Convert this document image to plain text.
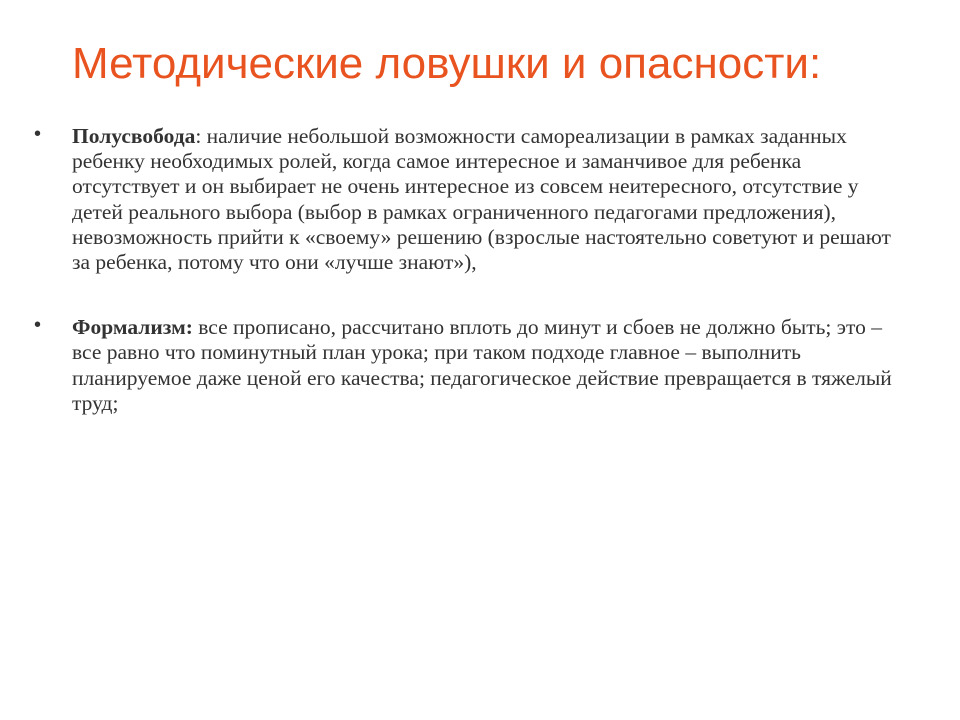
Методические ловушки и опасности:
• Полусвобода: наличие небольшой возможности самореализации в рамках заданных ребенку необходимых ролей, когда самое интересное и заманчивое для ребенка отсутствует и он выбирает не очень интересное из совсем неитересного, отсутствие у детей реального выбора (выбор в рамках ограниченного педагогами предложения), невозможность прийти к «своему» решению (взрослые настоятельно советуют и решают за ребенка, потому что они «лучше знают»),
• Формализм: все прописано, рассчитано вплоть до минут и сбоев не должно быть; это – все равно что поминутный план урока; при таком подходе главное – выполнить планируемое даже ценой его качества; педагогическое действие превращается в тяжелый труд;
